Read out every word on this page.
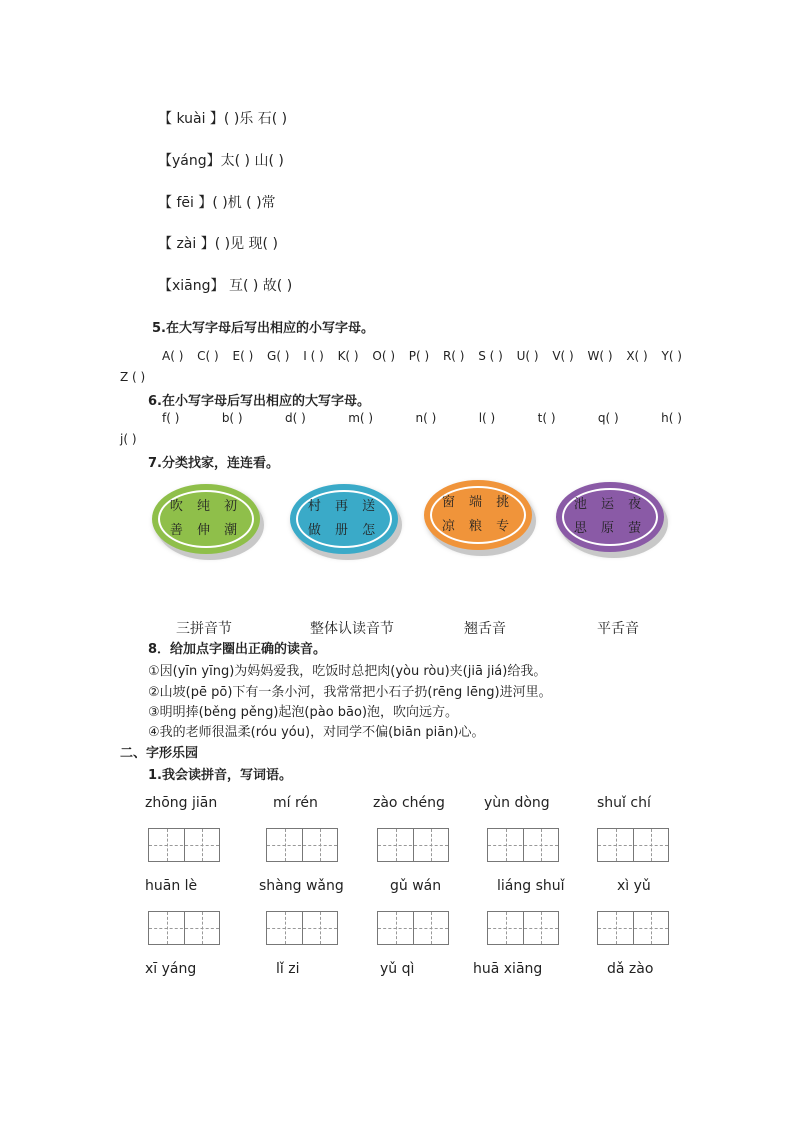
【 kuài 】( )乐 石( )
【yáng】太( ) 山( )
【 fēi 】( )机 ( )常
【 zài 】( )见 现( )
【xiāng】 互( ) 故( )
5.在大写字母后写出相应的小写字母。
A( ) C( ) E( ) G( ) I ( ) K( ) O( ) P( ) R( ) S ( ) U( ) V( ) W( ) X( ) Y( )
Z ( )
6.在小写字母后写出相应的大写字母。
f( )	b( )	d( )	m( )	n( )	l( )	t( )	q( )	h( )
j( )
7.分类找家，连连看。
吹 纯 初
善 伸 潮
村 再 送
做 册 怎
窗 端 挑
凉 粮 专
池 运 夜
思 原 萤
三拼音节	整体认读音节	翘舌音	平舌音
8．给加点字圈出正确的读音。
①因(yīn yīng)为妈妈爱我，吃饭时总把肉(yòu ròu)夹(jiā jiá)给我。
②山坡(pē pō)下有一条小河，我常常把小石子扔(rēng lēng)进河里。
③明明捧(běng pěng)起泡(pào bāo)泡，吹向远方。
④我的老师很温柔(róu yóu)，对同学不偏(biān piān)心。
二、字形乐园
1.我会读拼音，写词语。
zhōng jiān	mí rén	zào chéng	yùn dòng	shuǐ chí
huān lè	shàng wǎng	gǔ wán	liáng shuǐ	xì yǔ
xī yáng	lǐ zi	yǔ qì	huā xiāng	dǎ zào
